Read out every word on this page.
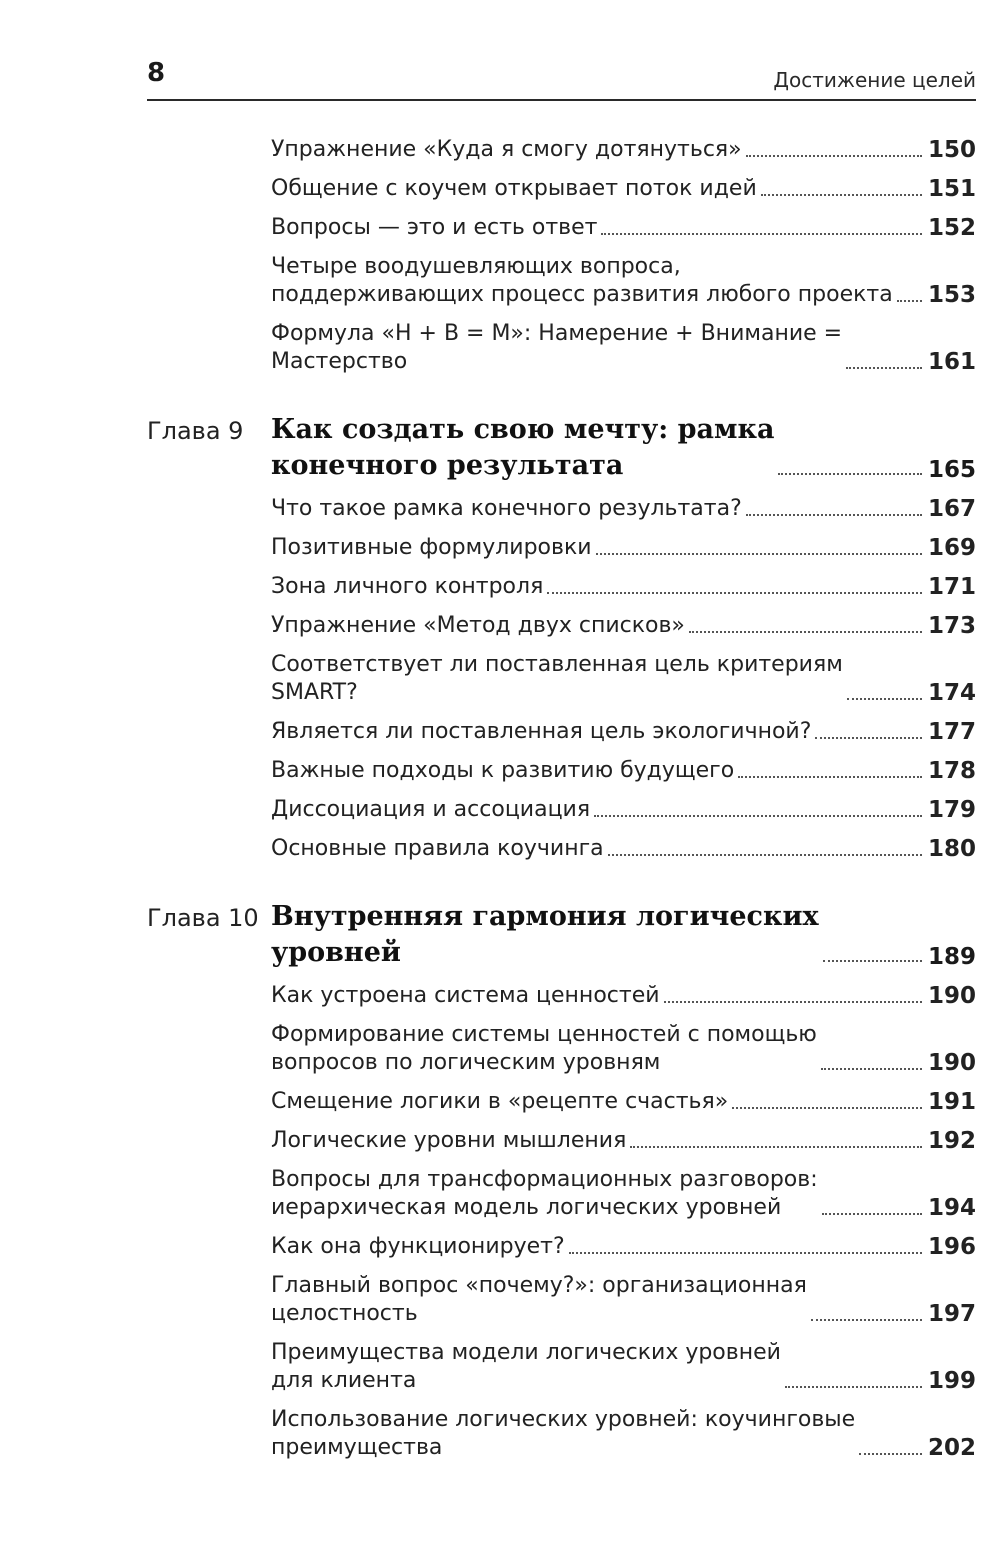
8	Достижение целей
Упражнение «Куда я смогу дотянуться»	150
Общение с коучем открывает поток идей	151
Вопросы — это и есть ответ	152
Четыре воодушевляющих вопроса,
поддерживающих процесс развития любого проекта 153
Формула «Н + В = М»: Намерение + Внимание =
Мастерство	161
Глава 9 Как создать свою мечту: рамка
конечного результата	165
Что такое рамка конечного результата?	167
Позитивные формулировки	169
Зона личного контроля	171
Упражнение «Метод двух списков»	173
Соответствует ли поставленная цель критериям
SMART?	174
Является ли поставленная цель экологичной?	177
Важные подходы к развитию будущего	178
Диссоциация и ассоциация	179
Основные правила коучинга	180
Глава 10 Внутренняя гармония логических
уровней	189
Как устроена система ценностей	190
Формирование системы ценностей с помощью
вопросов по логическим уровням	190
Смещение логики в «рецепте счастья»	191
Логические уровни мышления	192
Вопросы для трансформационных разговоров:
иерархическая модель логических уровней	194
Как она функционирует?	196
Главный вопрос «почему?»: организационная
целостность	197
Преимущества модели логических уровней
для клиента	199
Использование логических уровней: коучинговые
преимущества	202
